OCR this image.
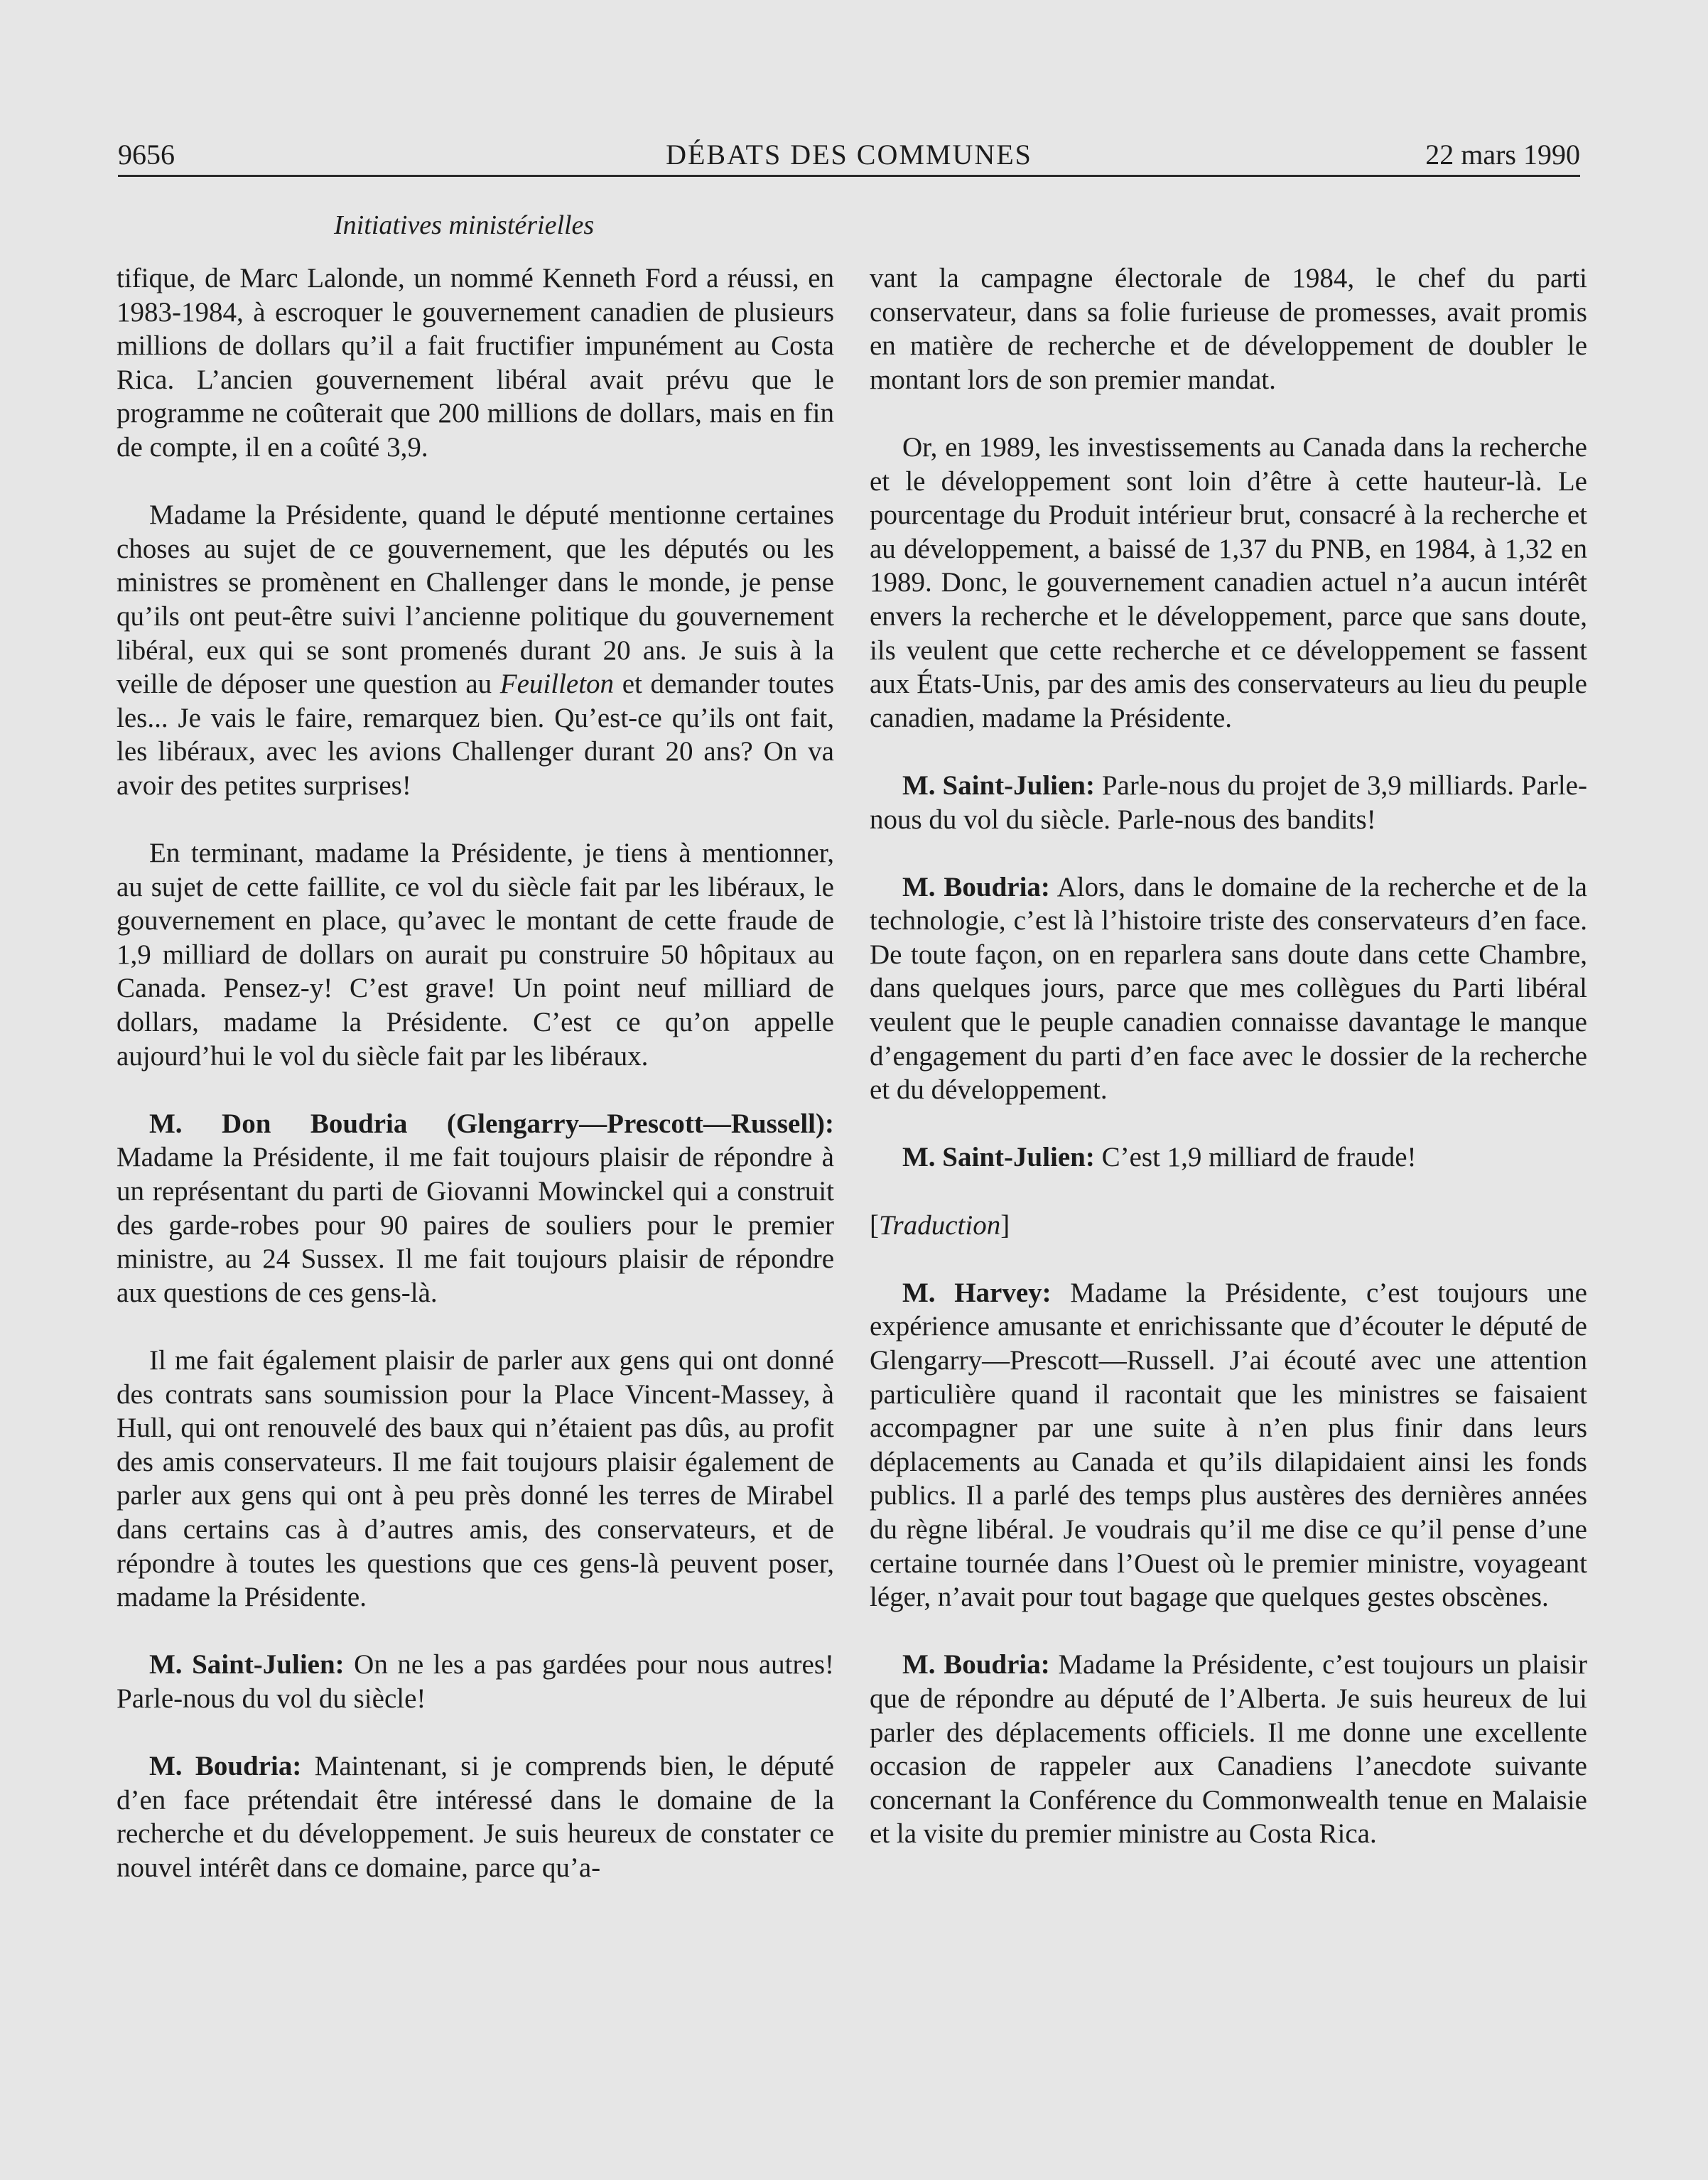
9656	DÉBATS DES COMMUNES	22 mars 1990
Initiatives ministérielles

tifique, de Marc Lalonde, un nommé Kenneth Ford a réussi, en 1983-1984, à escroquer le gouvernement canadien de plusieurs millions de dollars qu’il a fait fructifier impunément au Costa Rica. L’ancien gouvernement libéral avait prévu que le programme ne coûterait que 200 millions de dollars, mais en fin de compte, il en a coûté 3,9.

Madame la Présidente, quand le député mentionne certaines choses au sujet de ce gouvernement, que les députés ou les ministres se promènent en Challenger dans le monde, je pense qu’ils ont peut-être suivi l’ancienne politique du gouvernement libéral, eux qui se sont promenés durant 20 ans. Je suis à la veille de déposer une question au Feuilleton et demander toutes les... Je vais le faire, remarquez bien. Qu’est-ce qu’ils ont fait, les libéraux, avec les avions Challenger durant 20 ans? On va avoir des petites surprises!

En terminant, madame la Présidente, je tiens à mentionner, au sujet de cette faillite, ce vol du siècle fait par les libéraux, le gouvernement en place, qu’avec le montant de cette fraude de 1,9 milliard de dollars on aurait pu construire 50 hôpitaux au Canada. Pensez-y! C’est grave! Un point neuf milliard de dollars, madame la Présidente. C’est ce qu’on appelle aujourd’hui le vol du siècle fait par les libéraux.

M. Don Boudria (Glengarry—Prescott—Russell): Madame la Présidente, il me fait toujours plaisir de répondre à un représentant du parti de Giovanni Mowinckel qui a construit des garde-robes pour 90 paires de souliers pour le premier ministre, au 24 Sussex. Il me fait toujours plaisir de répondre aux questions de ces gens-là.

Il me fait également plaisir de parler aux gens qui ont donné des contrats sans soumission pour la Place Vincent-Massey, à Hull, qui ont renouvelé des baux qui n’étaient pas dûs, au profit des amis conservateurs. Il me fait toujours plaisir également de parler aux gens qui ont à peu près donné les terres de Mirabel dans certains cas à d’autres amis, des conservateurs, et de répondre à toutes les questions que ces gens-là peuvent poser, madame la Présidente.

M. Saint-Julien: On ne les a pas gardées pour nous autres! Parle-nous du vol du siècle!

M. Boudria: Maintenant, si je comprends bien, le député d’en face prétendait être intéressé dans le domaine de la recherche et du développement. Je suis heureux de constater ce nouvel intérêt dans ce domaine, parce qu’a-

vant la campagne électorale de 1984, le chef du parti conservateur, dans sa folie furieuse de promesses, avait promis en matière de recherche et de développement de doubler le montant lors de son premier mandat.

Or, en 1989, les investissements au Canada dans la recherche et le développement sont loin d’être à cette hauteur-là. Le pourcentage du Produit intérieur brut, consacré à la recherche et au développement, a baissé de 1,37 du PNB, en 1984, à 1,32 en 1989. Donc, le gouvernement canadien actuel n’a aucun intérêt envers la recherche et le développement, parce que sans doute, ils veulent que cette recherche et ce développement se fassent aux États-Unis, par des amis des conservateurs au lieu du peuple canadien, madame la Présidente.

M. Saint-Julien: Parle-nous du projet de 3,9 milliards. Parle-nous du vol du siècle. Parle-nous des bandits!

M. Boudria: Alors, dans le domaine de la recherche et de la technologie, c’est là l’histoire triste des conservateurs d’en face. De toute façon, on en reparlera sans doute dans cette Chambre, dans quelques jours, parce que mes collègues du Parti libéral veulent que le peuple canadien connaisse davantage le manque d’engagement du parti d’en face avec le dossier de la recherche et du développement.

M. Saint-Julien: C’est 1,9 milliard de fraude!

[Traduction]

M. Harvey: Madame la Présidente, c’est toujours une expérience amusante et enrichissante que d’écouter le député de Glengarry—Prescott—Russell. J’ai écouté avec une attention particulière quand il racontait que les ministres se faisaient accompagner par une suite à n’en plus finir dans leurs déplacements au Canada et qu’ils dilapidaient ainsi les fonds publics. Il a parlé des temps plus austères des dernières années du règne libéral. Je voudrais qu’il me dise ce qu’il pense d’une certaine tournée dans l’Ouest où le premier ministre, voyageant léger, n’avait pour tout bagage que quelques gestes obscènes.

M. Boudria: Madame la Présidente, c’est toujours un plaisir que de répondre au député de l’Alberta. Je suis heureux de lui parler des déplacements officiels. Il me donne une excellente occasion de rappeler aux Canadiens l’anecdote suivante concernant la Conférence du Commonwealth tenue en Malaisie et la visite du premier ministre au Costa Rica.
